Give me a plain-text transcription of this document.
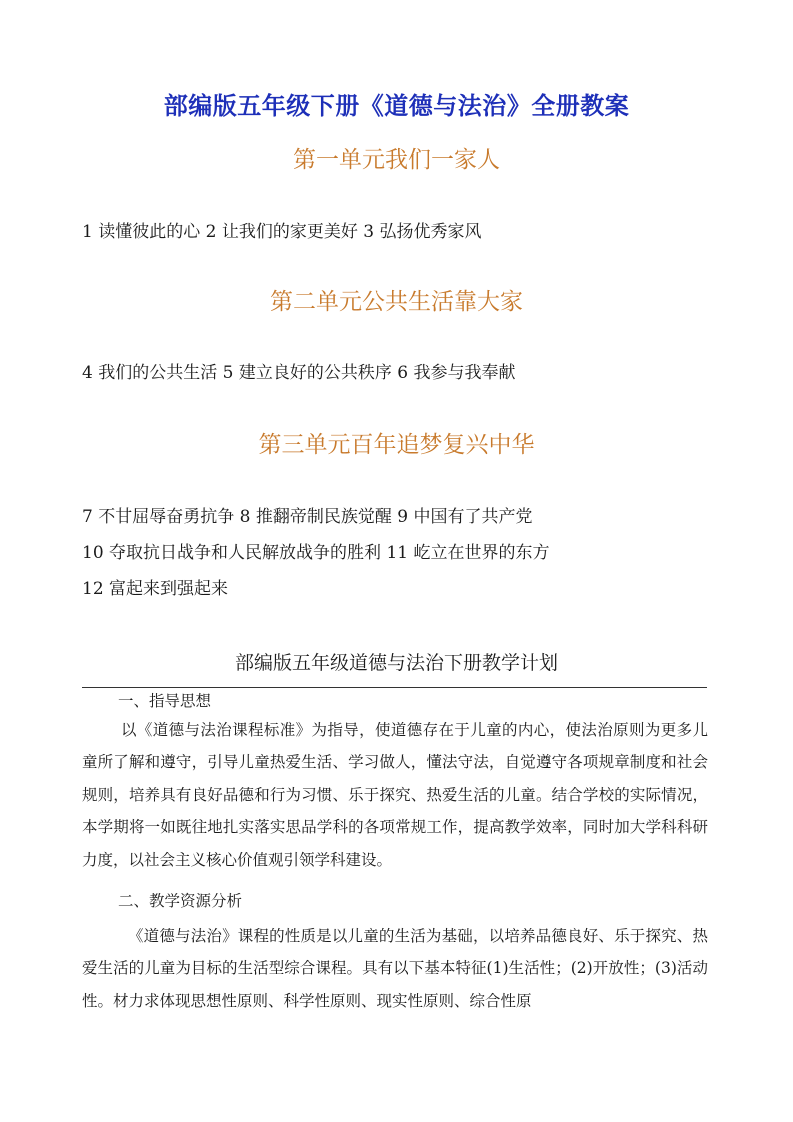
部编版五年级下册《道德与法治》全册教案
第一单元我们一家人
1 读懂彼此的心 2 让我们的家更美好 3 弘扬优秀家风
第二单元公共生活靠大家
4 我们的公共生活 5 建立良好的公共秩序 6 我参与我奉献
第三单元百年追梦复兴中华
7 不甘屈辱奋勇抗争 8 推翻帝制民族觉醒 9 中国有了共产党
10 夺取抗日战争和人民解放战争的胜利 11 屹立在世界的东方
12 富起来到强起来
部编版五年级道德与法治下册教学计划
一、指导思想
以《道德与法治课程标准》为指导，使道德存在于儿童的内心，使法治原则为更多儿童所了解和遵守，引导儿童热爱生活、学习做人，懂法守法，自觉遵守各项规章制度和社会规则，培养具有良好品德和行为习惯、乐于探究、热爱生活的儿童。结合学校的实际情况，本学期将一如既往地扎实落实思品学科的各项常规工作，提高教学效率，同时加大学科科研力度，以社会主义核心价值观引领学科建设。
二、教学资源分析
《道德与法治》课程的性质是以儿童的生活为基础，以培养品德良好、乐于探究、热爱生活的儿童为目标的生活型综合课程。具有以下基本特征(1)生活性；(2)开放性；(3)活动性。材力求体现思想性原则、科学性原则、现实性原则、综合性原
